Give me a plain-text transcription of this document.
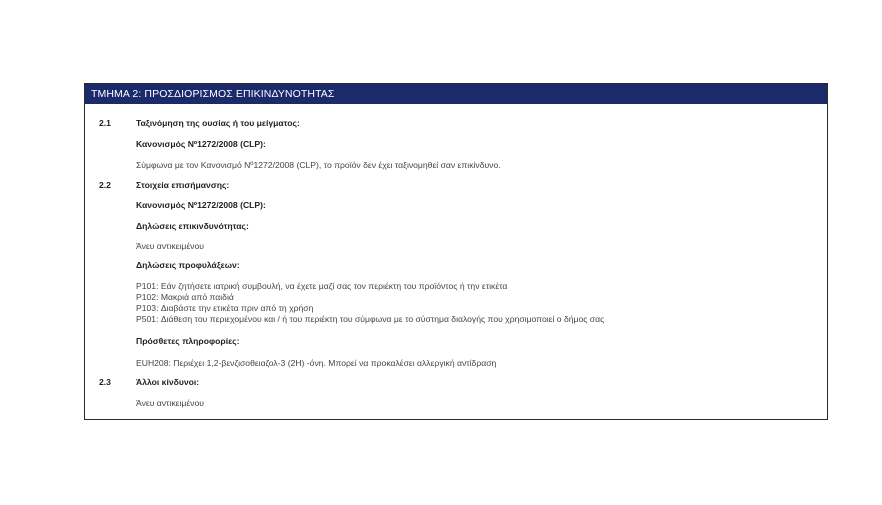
ΤΜΗΜΑ 2: ΠΡΟΣΔΙΟΡΙΣΜΟΣ ΕΠΙΚΙΝΔΥΝΟΤΗΤΑΣ
2.1	Ταξινόμηση της ουσίας ή του μείγματος:
Κανονισμός Νº1272/2008 (CLP):
Σύμφωνα με τον Κανονισμό Νº1272/2008 (CLP), το προϊόν δεν έχει ταξινομηθεί σαν επικίνδυνο.
2.2	Στοιχεία επισήμανσης:
Κανονισμός Νº1272/2008 (CLP):
Δηλώσεις επικινδυνότητας:
Άνευ αντικειμένου
Δηλώσεις προφυλάξεων:
P101: Εάν ζητήσετε ιατρική συμβουλή, να έχετε μαζί σας τον περιέκτη του προϊόντος ή την ετικέτα
P102: Μακριά από παιδιά
P103: Διαβάστε την ετικέτα πριν από τη χρήση
P501: Διάθεση του περιεχομένου και / ή του περιέκτη του σύμφωνα με το σύστημα διαλογής που χρησιμοποιεί ο δήμος σας
Πρόσθετες πληροφορίες:
EUH208: Περιέχει 1,2-βενζισοθειαζολ-3 (2H) -όνη. Μπορεί να προκαλέσει αλλεργική αντίδραση
2.3	Άλλοι κίνδυνοι:
Άνευ αντικειμένου
